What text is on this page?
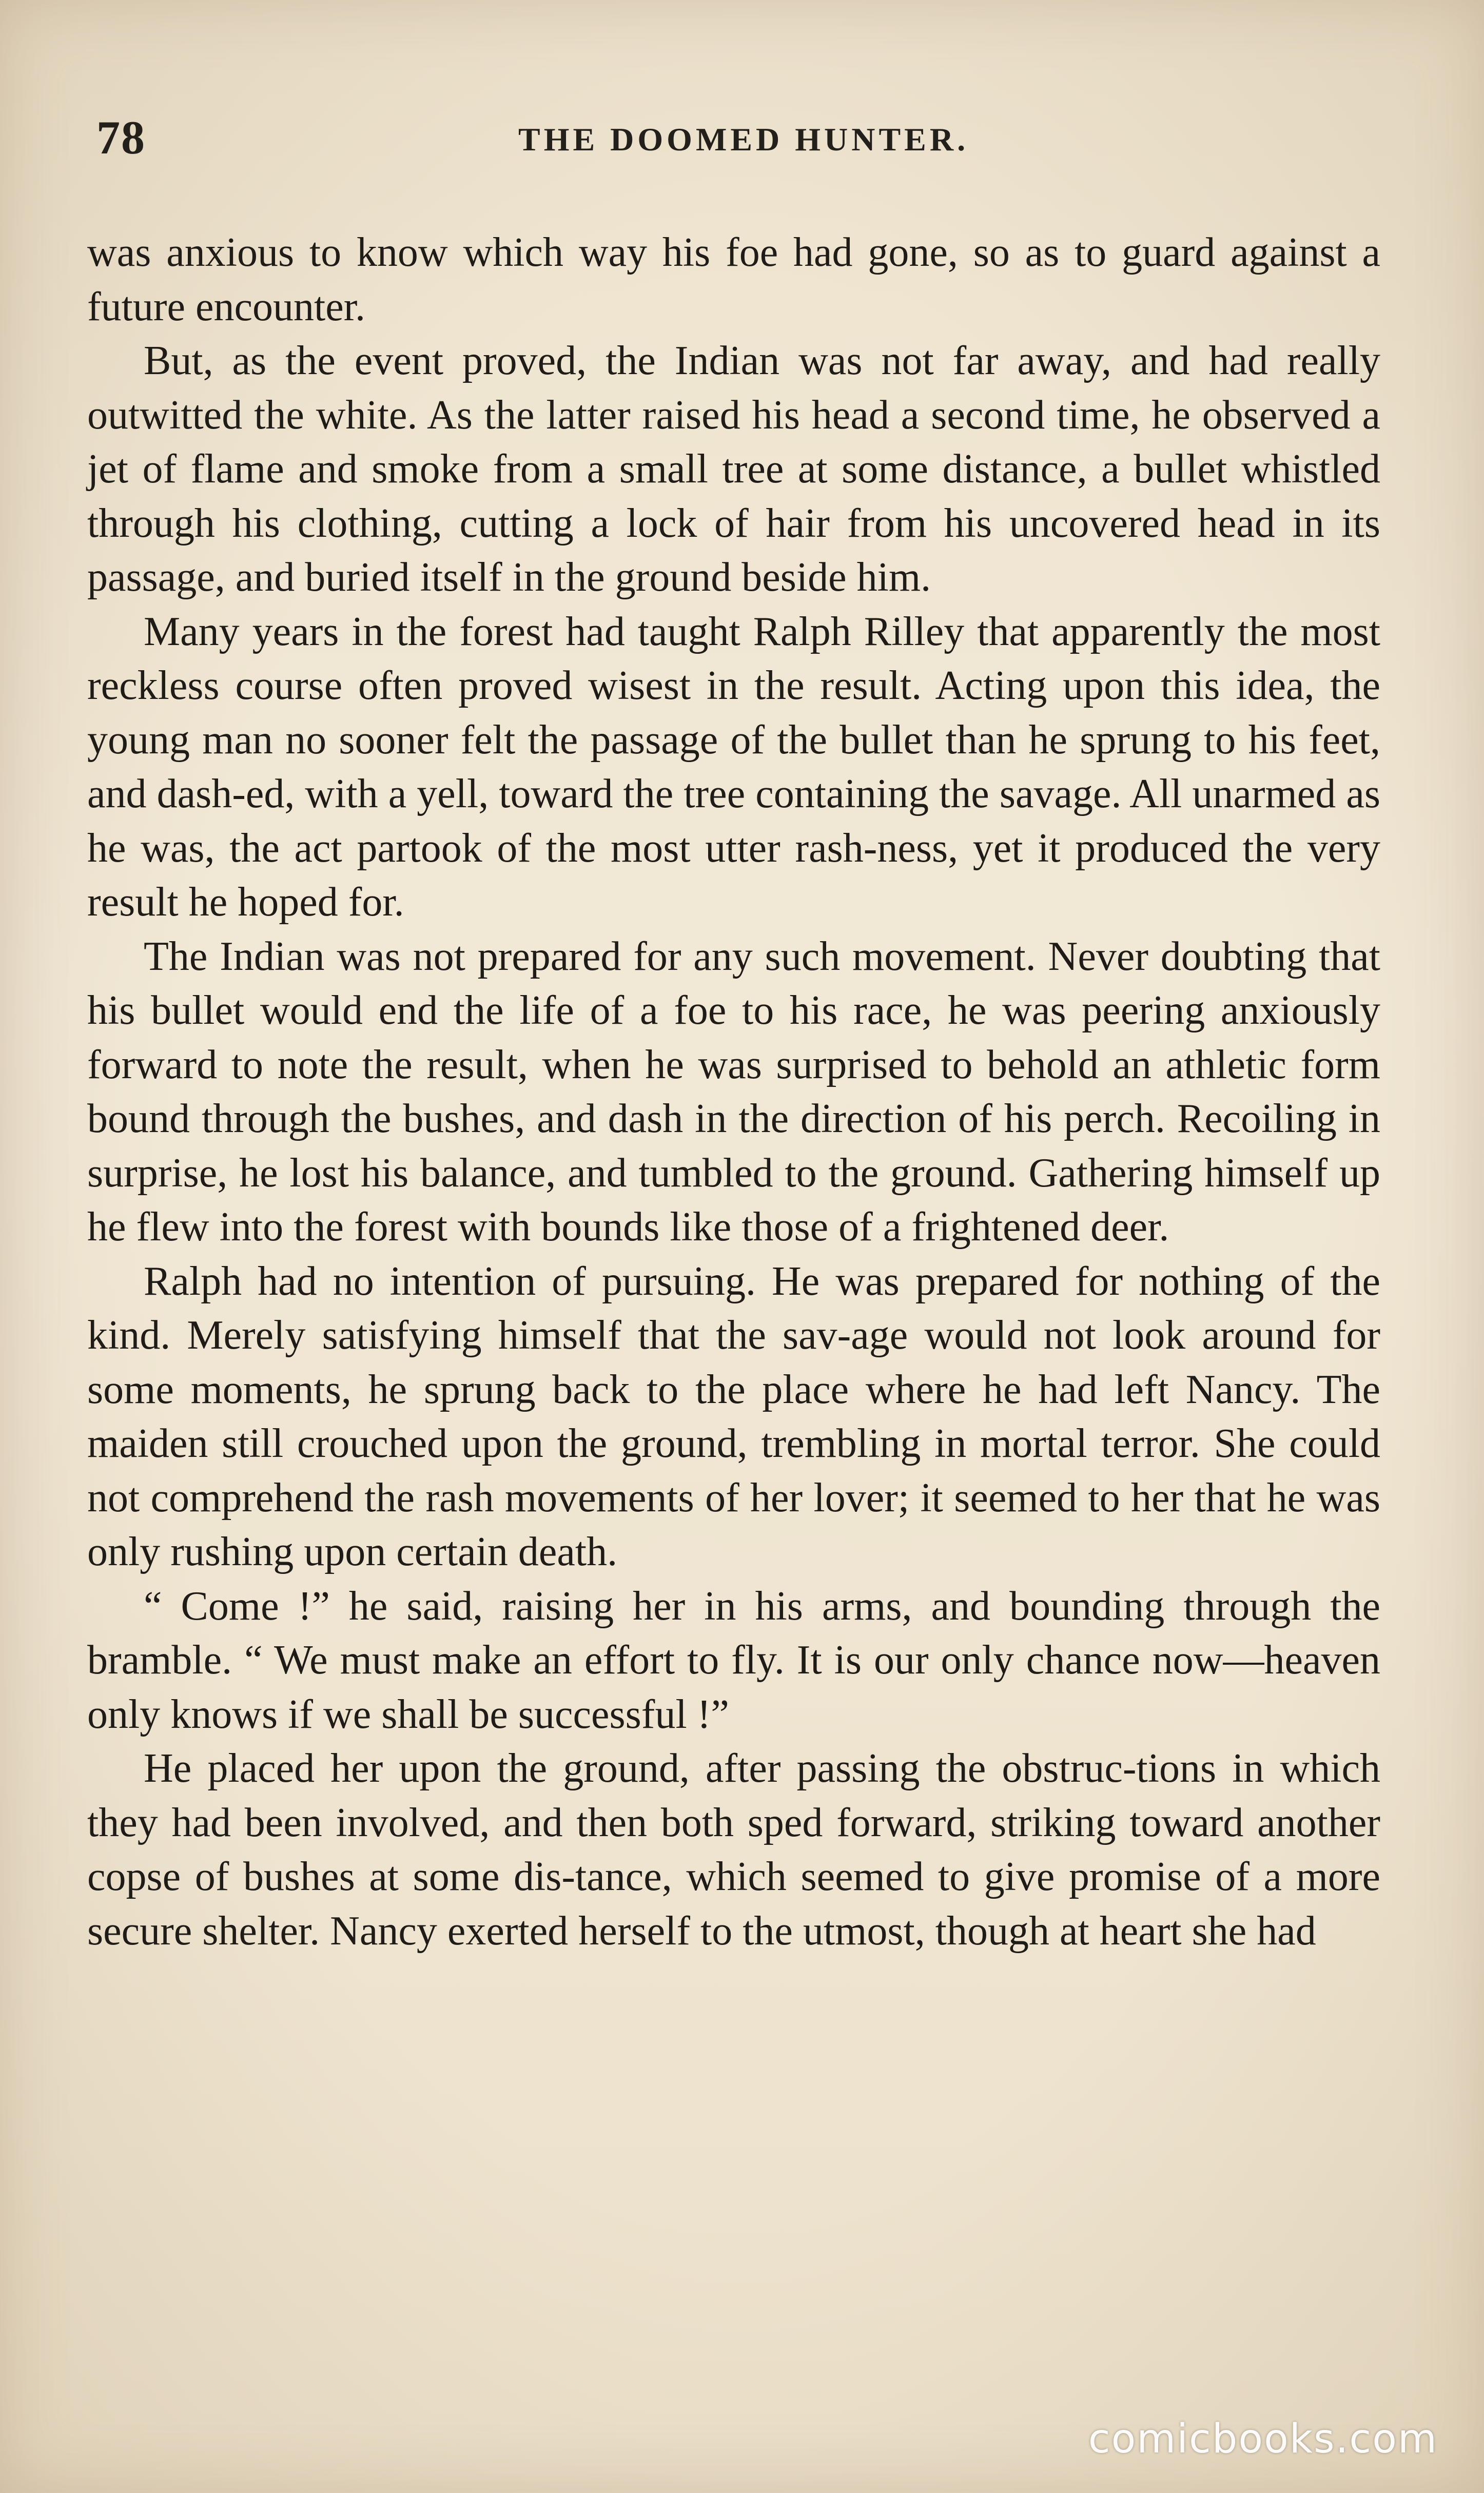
78	THE DOOMED HUNTER.

was anxious to know which way his foe had gone, so as to guard against a future encounter.

But, as the event proved, the Indian was not far away, and had really outwitted the white. As the latter raised his head a second time, he observed a jet of flame and smoke from a small tree at some distance, a bullet whistled through his clothing, cutting a lock of hair from his uncovered head in its passage, and buried itself in the ground beside him.

Many years in the forest had taught Ralph Rilley that apparently the most reckless course often proved wisest in the result. Acting upon this idea, the young man no sooner felt the passage of the bullet than he sprung to his feet, and dash-ed, with a yell, toward the tree containing the savage. All unarmed as he was, the act partook of the most utter rash-ness, yet it produced the very result he hoped for.

The Indian was not prepared for any such movement. Never doubting that his bullet would end the life of a foe to his race, he was peering anxiously forward to note the result, when he was surprised to behold an athletic form bound through the bushes, and dash in the direction of his perch. Recoiling in surprise, he lost his balance, and tumbled to the ground. Gathering himself up he flew into the forest with bounds like those of a frightened deer.

Ralph had no intention of pursuing. He was prepared for nothing of the kind. Merely satisfying himself that the sav-age would not look around for some moments, he sprung back to the place where he had left Nancy. The maiden still crouched upon the ground, trembling in mortal terror. She could not comprehend the rash movements of her lover; it seemed to her that he was only rushing upon certain death.

“ Come !” he said, raising her in his arms, and bounding through the bramble. “ We must make an effort to fly. It is our only chance now—heaven only knows if we shall be successful !”

He placed her upon the ground, after passing the obstruc-tions in which they had been involved, and then both sped forward, striking toward another copse of bushes at some dis-tance, which seemed to give promise of a more secure shelter. Nancy exerted herself to the utmost, though at heart she had

comicbooks.com
